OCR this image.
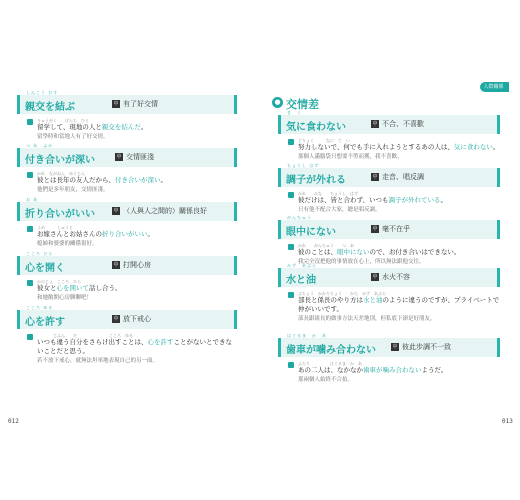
しんこう むす
親交を結ぶ	中 有了好交情
りゅうがく　　げんち　ひと
留学して、現地の人と親交を結んだ。
留學時和當地人有了好交情。
つ あ　ふか
付き合いが深い	中 交情匪淺
かれ　ながねん　ゆうじん
彼とは長年の友人だから、付き合いが深い。
他們是多年朋友，交情匪淺。
お あ
折り合いがいい	中 （人與人之間的）關係良好
よめ　　　しゅうと
お嫁さんとお姑さんの折り合いがいい。
媳婦和婆婆的關係很好。
こころ ひら
心を開く	中 打開心房
かのじょ　こころ　ひら
彼女と心を開いて話し合う。
和她敞開心房聊聊吧！
こころ ゆる
心を許す	中 放下戒心
　　　　じぶん　　だ　　　　　　　　こころ　ゆる
いつも違う自分をさらけ出すことは、心を許すことがないとできないことだと思う。
若不放下戒心，就無法坦率地表現自己的另一面。
012
人際關係
● 交情差
き　く
気に食わない	中 不合、不喜歡
どりょく　　　なに　て　い
努力しないで、何でも手に入れようとするあの人は、気に食わない。
那個人滿腦袋只想要不勞而獲，我不喜歡。
ちょうし はず
調子が外れる	中 走音、唱反調
かれ　　みな　　ちょうし　はず
彼だけは、皆と合わず、いつも調子が外れている。
只有他不配合大家，總是唱反調。
がんちゅう
眼中にない	中 毫不在乎
かれ　　がんちゅう　　つ　あ
彼のことは、眼中にないので、お付き合いはできない。
我完全沒把他的事情放在心上，所以無法跟他交往。
みず　あぶら
水と油	中 水火不容
ぶちょう　かかりちょう　　かた　みず　あぶら
部長と係長のやり方は水と油のように違うのですが、プライベートで仲がいいです。
部長跟組長的做事方法天差地別，但私底下卻是好朋友。
はぐるま　か　あ
歯車が噛み合わない	中 彼此步調不一致
ふたり　　　　　はぐるま　か　あ
あの二人は、なかなか歯車が噛み合わないようだ。
那兩個人始終不合拍。
013
